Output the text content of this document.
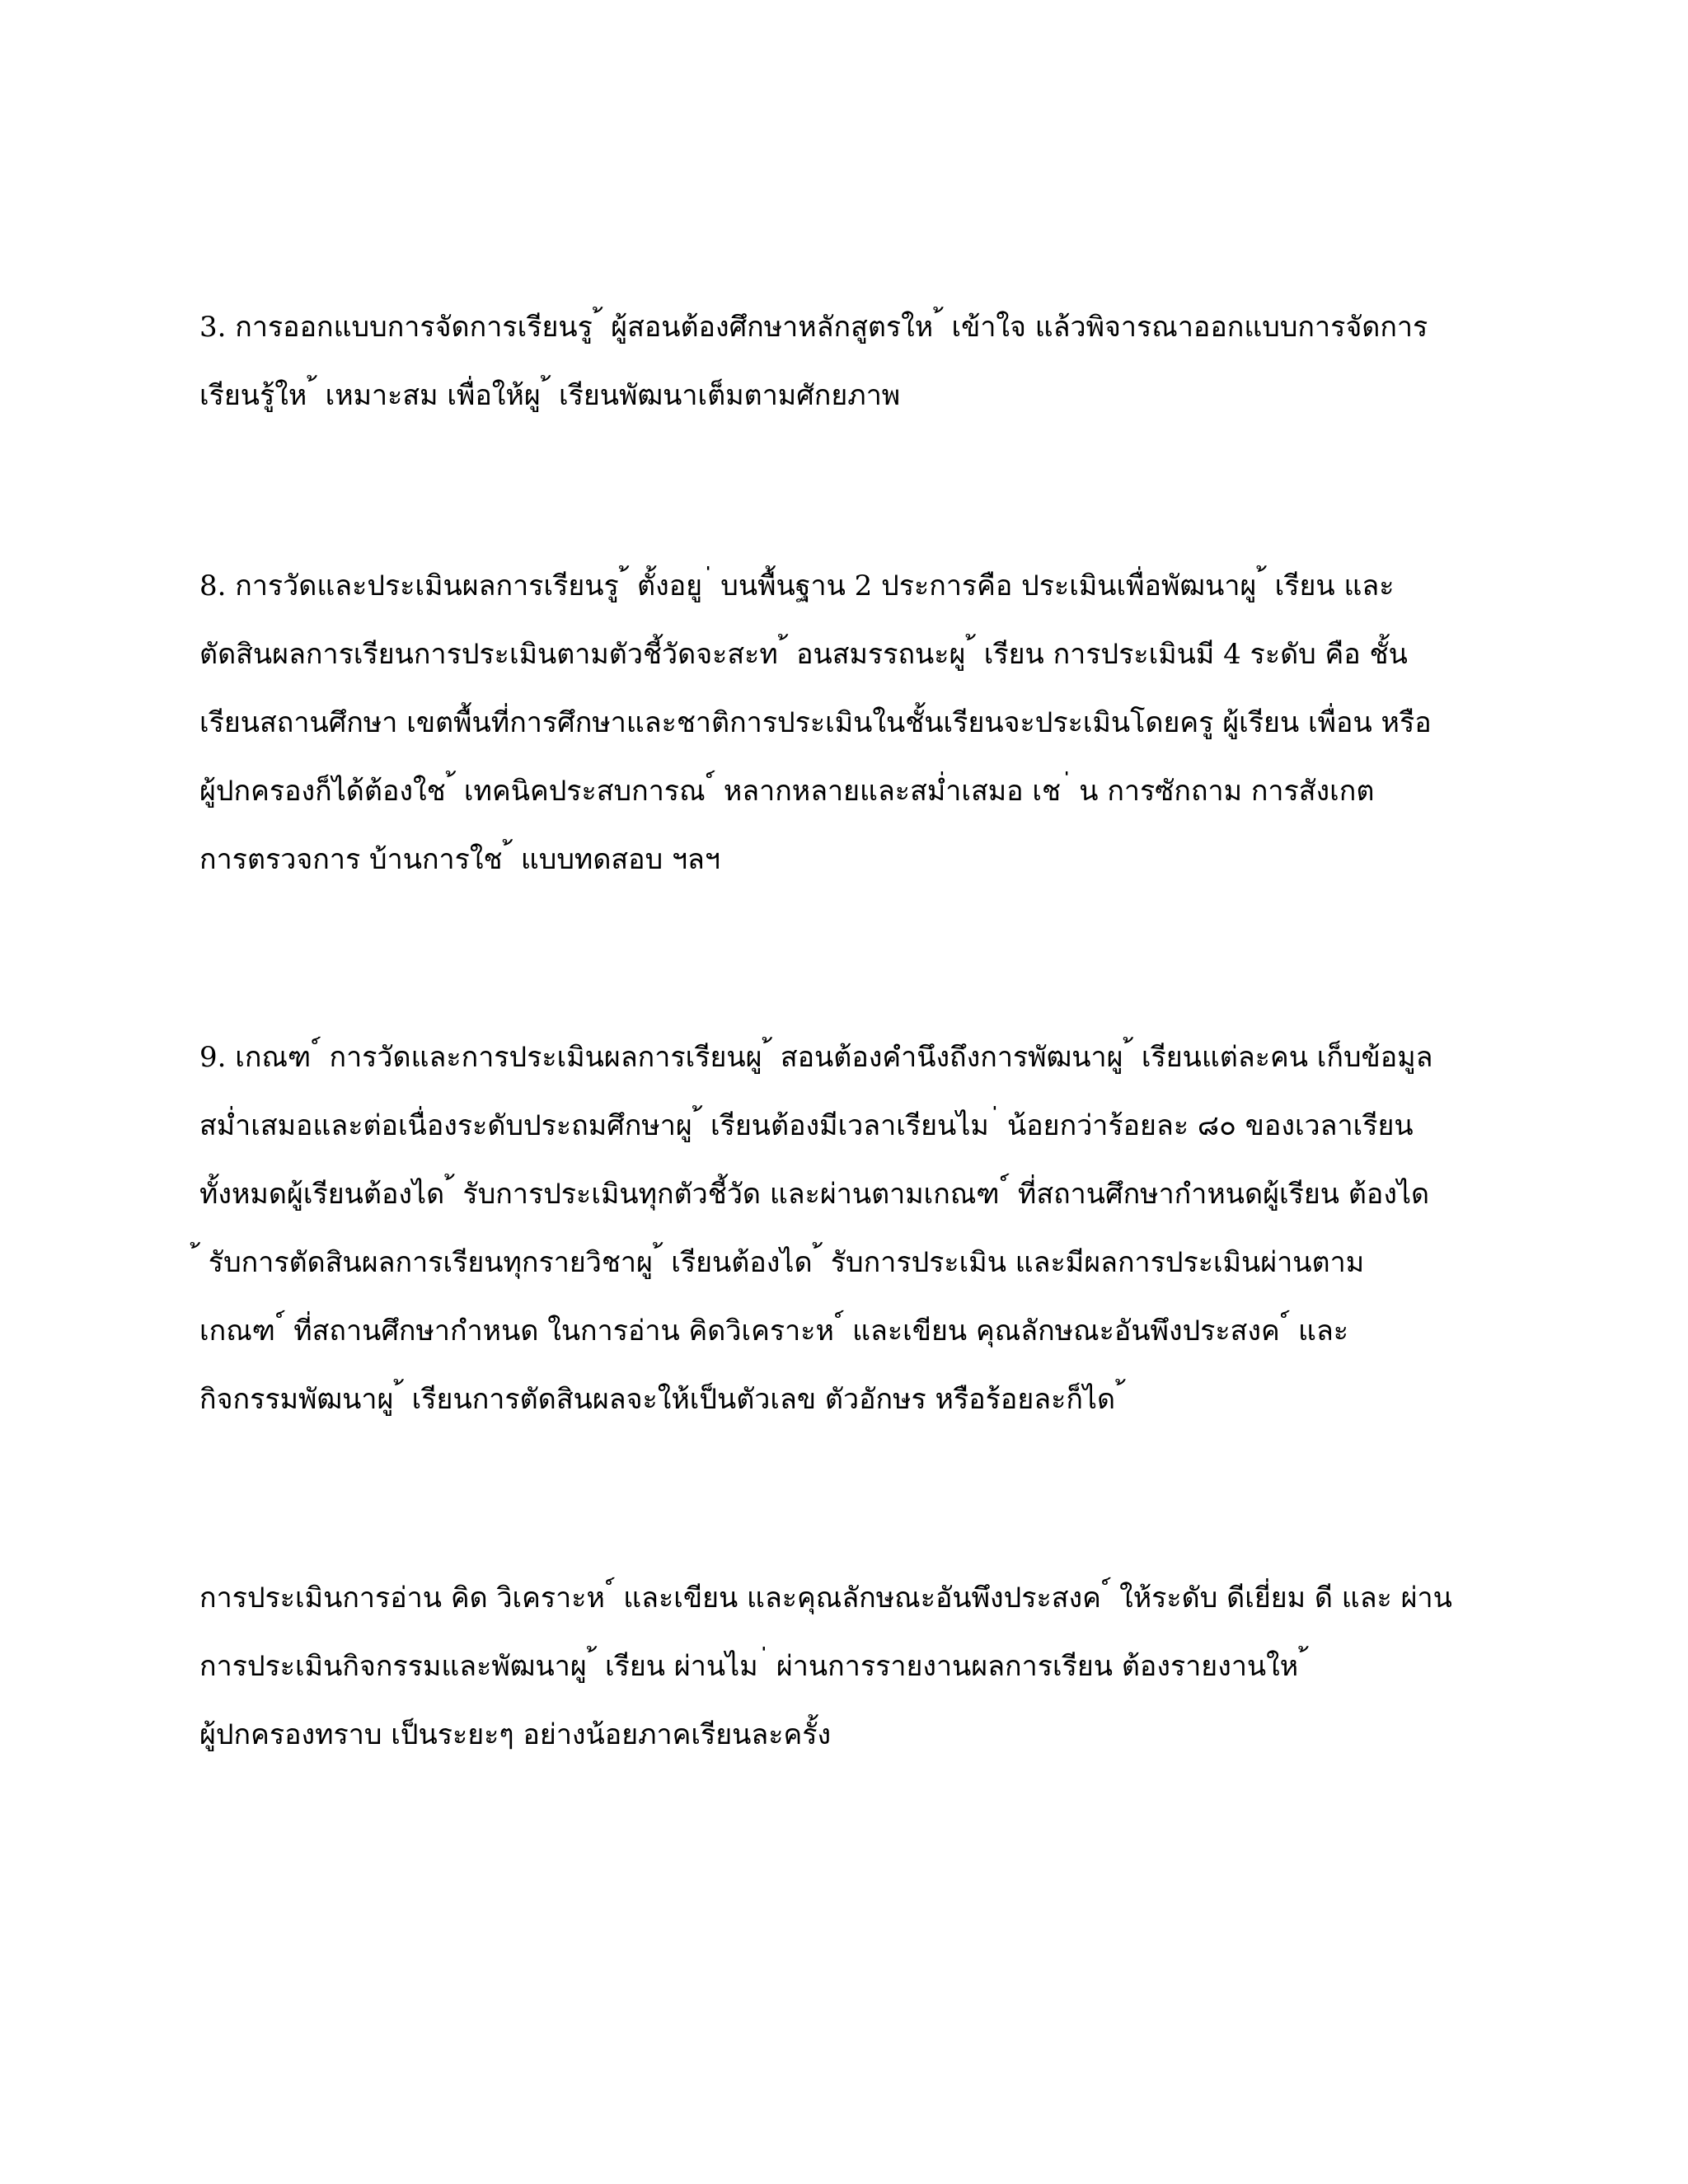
3. การออกแบบการจัดการเรียนรู ้ ผู้สอนต้องศึกษาหลักสูตรให ้ เข้าใจ แล้วพิจารณาออกแบบการจัดการ
เรียนรู้ให ้ เหมาะสม เพื่อให้ผู ้ เรียนพัฒนาเต็มตามศักยภาพ
8. การวัดและประเมินผลการเรียนรู ้ ตั้งอยู ่ บนพื้นฐาน 2 ประการคือ ประเมินเพื่อพัฒนาผู ้ เรียน และ
ตัดสินผลการเรียนการประเมินตามตัวชี้วัดจะสะท ้ อนสมรรถนะผู ้ เรียน การประเมินมี 4 ระดับ คือ ชั้น
เรียนสถานศึกษา เขตพื้นที่การศึกษาและชาติการประเมินในชั้นเรียนจะประเมินโดยครู ผู้เรียน เพื่อน หรือ
ผู้ปกครองก็ได้ต้องใช ้ เทคนิคประสบการณ ์ หลากหลายและสม่ำเสมอ เช ่ น การซักถาม การสังเกต
การตรวจการ บ้านการใช ้ แบบทดสอบ ฯลฯ
9. เกณฑ ์ การวัดและการประเมินผลการเรียนผู ้ สอนต้องคำนึงถึงการพัฒนาผู ้ เรียนแต่ละคน เก็บข้อมูล
สม่ำเสมอและต่อเนื่องระดับประถมศึกษาผู ้ เรียนต้องมีเวลาเรียนไม ่ น้อยกว่าร้อยละ ๘๐ ของเวลาเรียน
ทั้งหมดผู้เรียนต้องได ้ รับการประเมินทุกตัวชี้วัด และผ่านตามเกณฑ ์ ที่สถานศึกษากำหนดผู้เรียน ต้องได
้ รับการตัดสินผลการเรียนทุกรายวิชาผู ้ เรียนต้องได ้ รับการประเมิน และมีผลการประเมินผ่านตาม
เกณฑ ์ ที่สถานศึกษากำหนด ในการอ่าน คิดวิเคราะห ์ และเขียน คุณลักษณะอันพึงประสงค ์ และ
กิจกรรมพัฒนาผู ้ เรียนการตัดสินผลจะให้เป็นตัวเลข ตัวอักษร หรือร้อยละก็ได ้
การประเมินการอ่าน คิด วิเคราะห ์ และเขียน และคุณลักษณะอันพึงประสงค ์ ให้ระดับ ดีเยี่ยม ดี และ ผ่าน
การประเมินกิจกรรมและพัฒนาผู ้ เรียน ผ่านไม ่ ผ่านการรายงานผลการเรียน ต้องรายงานให ้
ผู้ปกครองทราบ เป็นระยะๆ อย่างน้อยภาคเรียนละครั้ง
